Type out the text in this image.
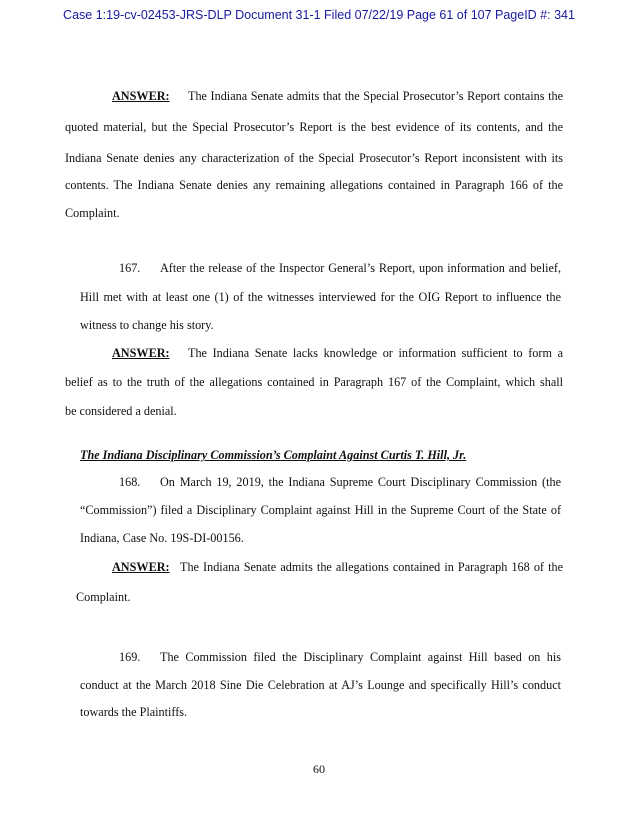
Case 1:19-cv-02453-JRS-DLP Document 31-1 Filed 07/22/19 Page 61 of 107 PageID #: 341
ANSWER: The Indiana Senate admits that the Special Prosecutor’s Report contains the
quoted material, but the Special Prosecutor’s Report is the best evidence of its contents, and the
Indiana Senate denies any characterization of the Special Prosecutor’s Report inconsistent with its
contents. The Indiana Senate denies any remaining allegations contained in Paragraph 166 of the
Complaint.
167. After the release of the Inspector General’s Report, upon information and belief,
Hill met with at least one (1) of the witnesses interviewed for the OIG Report to influence the
witness to change his story.
ANSWER: The Indiana Senate lacks knowledge or information sufficient to form a
belief as to the truth of the allegations contained in Paragraph 167 of the Complaint, which shall
be considered a denial.
The Indiana Disciplinary Commission’s Complaint Against Curtis T. Hill, Jr.
168. On March 19, 2019, the Indiana Supreme Court Disciplinary Commission (the
“Commission”) filed a Disciplinary Complaint against Hill in the Supreme Court of the State of
Indiana, Case No. 19S-DI-00156.
ANSWER: The Indiana Senate admits the allegations contained in Paragraph 168 of the
Complaint.
169. The Commission filed the Disciplinary Complaint against Hill based on his
conduct at the March 2018 Sine Die Celebration at AJ’s Lounge and specifically Hill’s conduct
towards the Plaintiffs.
60
